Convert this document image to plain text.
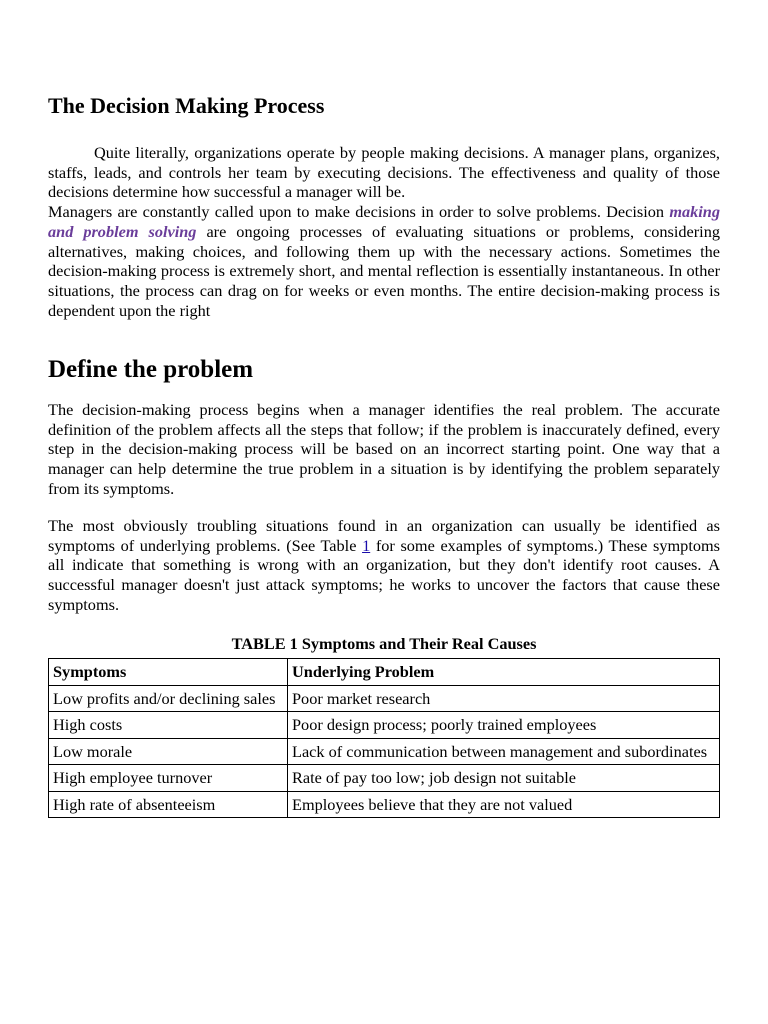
The Decision Making Process
Quite literally, organizations operate by people making decisions. A manager plans, organizes, staffs, leads, and controls her team by executing decisions. The effectiveness and quality of those decisions determine how successful a manager will be.
Managers are constantly called upon to make decisions in order to solve problems. Decision making and problem solving are ongoing processes of evaluating situations or problems, considering alternatives, making choices, and following them up with the necessary actions. Sometimes the decision-making process is extremely short, and mental reflection is essentially instantaneous. In other situations, the process can drag on for weeks or even months. The entire decision-making process is dependent upon the right
Define the problem

The decision-making process begins when a manager identifies the real problem. The accurate definition of the problem affects all the steps that follow; if the problem is inaccurately defined, every step in the decision-making process will be based on an incorrect starting point. One way that a manager can help determine the true problem in a situation is by identifying the problem separately from its symptoms.

The most obviously troubling situations found in an organization can usually be identified as symptoms of underlying problems. (See Table 1 for some examples of symptoms.) These symptoms all indicate that something is wrong with an organization, but they don't identify root causes. A successful manager doesn't just attack symptoms; he works to uncover the factors that cause these symptoms.

TABLE 1 Symptoms and Their Real Causes
Symptoms	Underlying Problem
Low profits and/or declining sales	Poor market research
High costs	Poor design process; poorly trained employees
Low morale	Lack of communication between management and subordinates
High employee turnover	Rate of pay too low; job design not suitable
High rate of absenteeism	Employees believe that they are not valued
